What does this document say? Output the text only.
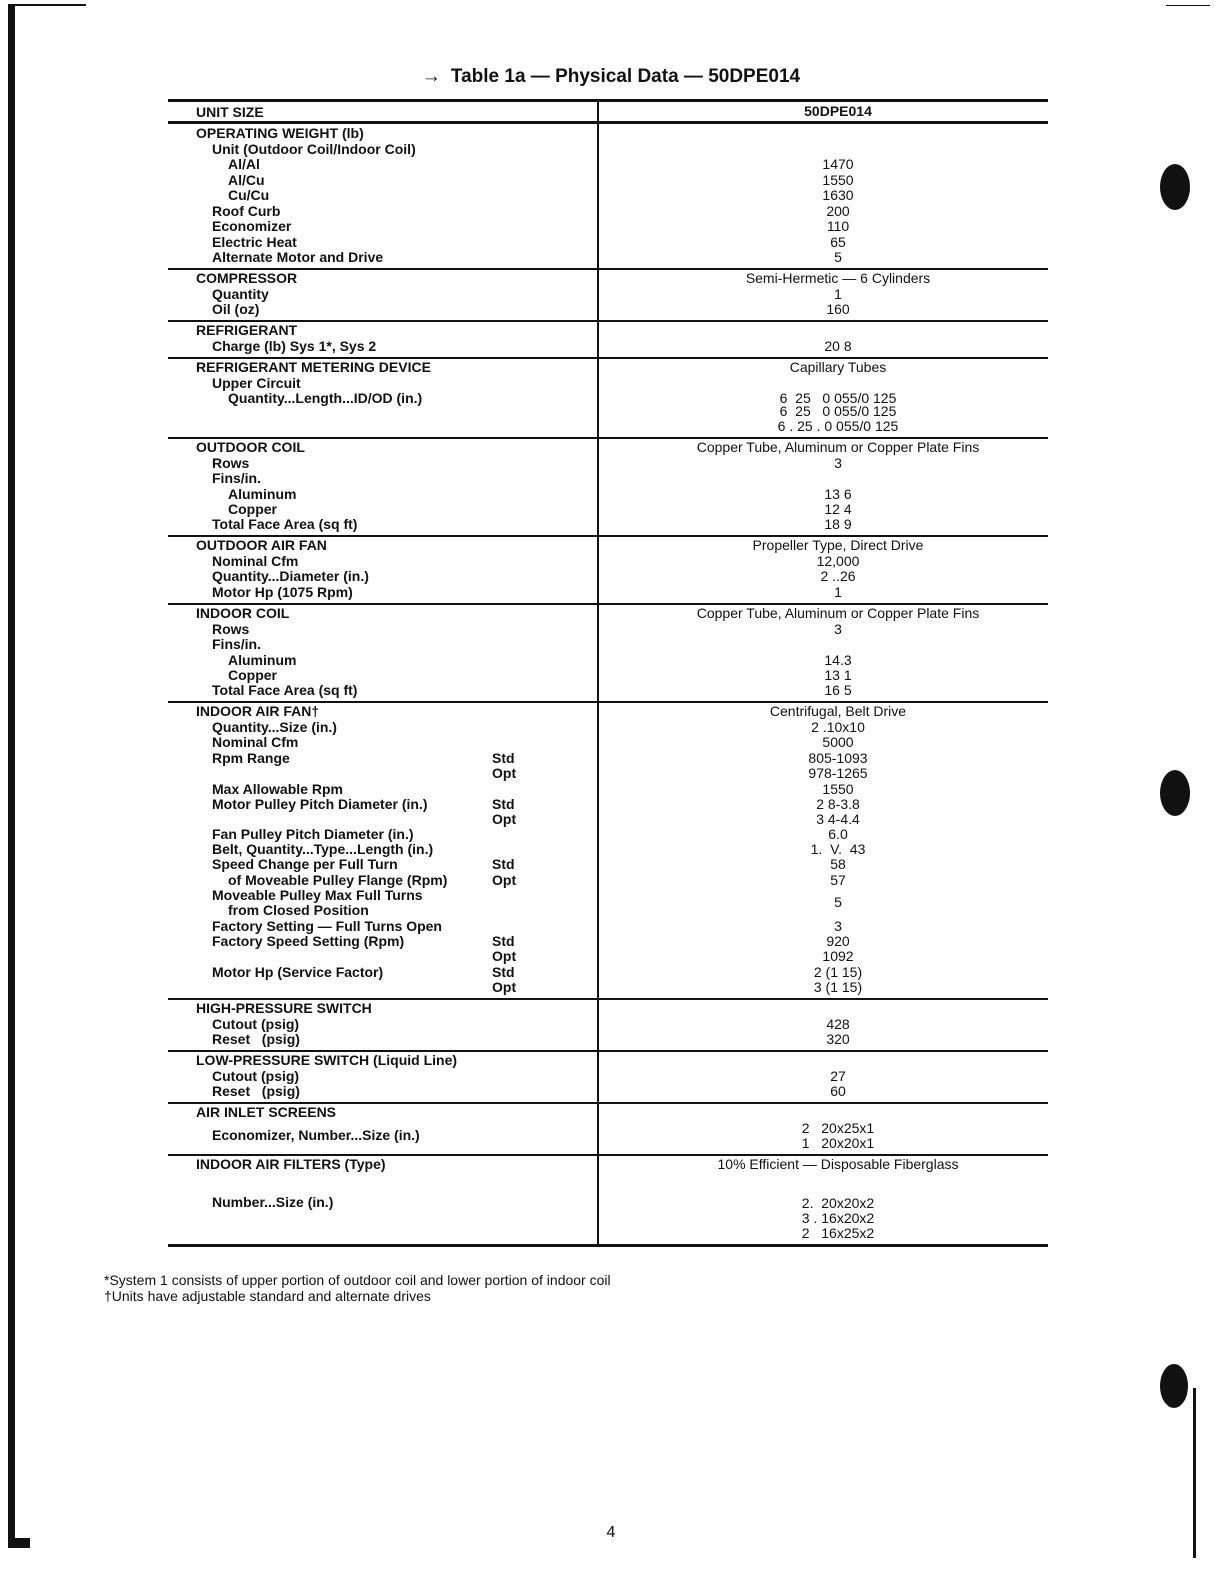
→ Table 1a — Physical Data — 50DPE014
UNIT SIZE	50DPE014
OPERATING WEIGHT (lb)
Unit (Outdoor Coil/Indoor Coil)
Al/Al	1470
Al/Cu	1550
Cu/Cu	1630
Roof Curb	200
Economizer	110
Electric Heat	65
Alternate Motor and Drive	5
COMPRESSOR	Semi-Hermetic — 6 Cylinders
Quantity	1
Oil (oz)	160
REFRIGERANT
Charge (lb) Sys 1*, Sys 2	20 8
REFRIGERANT METERING DEVICE	Capillary Tubes
Upper Circuit
Quantity...Length...ID/OD (in.)	6  25   0 055/0 125
6  25   0 055/0 125
6 . 25 . 0 055/0 125
OUTDOOR COIL	Copper Tube, Aluminum or Copper Plate Fins
Rows	3
Fins/in.
Aluminum	13 6
Copper	12 4
Total Face Area (sq ft)	18 9
OUTDOOR AIR FAN	Propeller Type, Direct Drive
Nominal Cfm	12,000
Quantity...Diameter (in.)	2 ..26
Motor Hp (1075 Rpm)	1
INDOOR COIL	Copper Tube, Aluminum or Copper Plate Fins
Rows	3
Fins/in.
Aluminum	14.3
Copper	13 1
Total Face Area (sq ft)	16 5
INDOOR AIR FAN†	Centrifugal, Belt Drive
Quantity...Size (in.)	2 .10x10
Nominal Cfm	5000
Rpm Range	Std	805-1093
Opt	978-1265
Max Allowable Rpm	1550
Motor Pulley Pitch Diameter (in.)	Std	2 8-3.8
Opt	3 4-4.4
Fan Pulley Pitch Diameter (in.)	6.0
Belt, Quantity...Type...Length (in.)	1.  V.  43
Speed Change per Full Turn	Std	58
of Moveable Pulley Flange (Rpm)	Opt	57
Moveable Pulley Max Full Turns
from Closed Position	5
Factory Setting — Full Turns Open	3
Factory Speed Setting (Rpm)	Std	920
Opt	1092
Motor Hp (Service Factor)	Std	2 (1 15)
Opt	3 (1 15)
HIGH-PRESSURE SWITCH
Cutout (psig)	428
Reset   (psig)	320
LOW-PRESSURE SWITCH (Liquid Line)
Cutout (psig)	27
Reset   (psig)	60
AIR INLET SCREENS
Economizer, Number...Size (in.)	2   20x25x1
1   20x20x1
INDOOR AIR FILTERS (Type)	10% Efficient — Disposable Fiberglass
Number...Size (in.)	2.  20x20x2
3 . 16x20x2
2   16x25x2
*System 1 consists of upper portion of outdoor coil and lower portion of indoor coil
†Units have adjustable standard and alternate drives
4
